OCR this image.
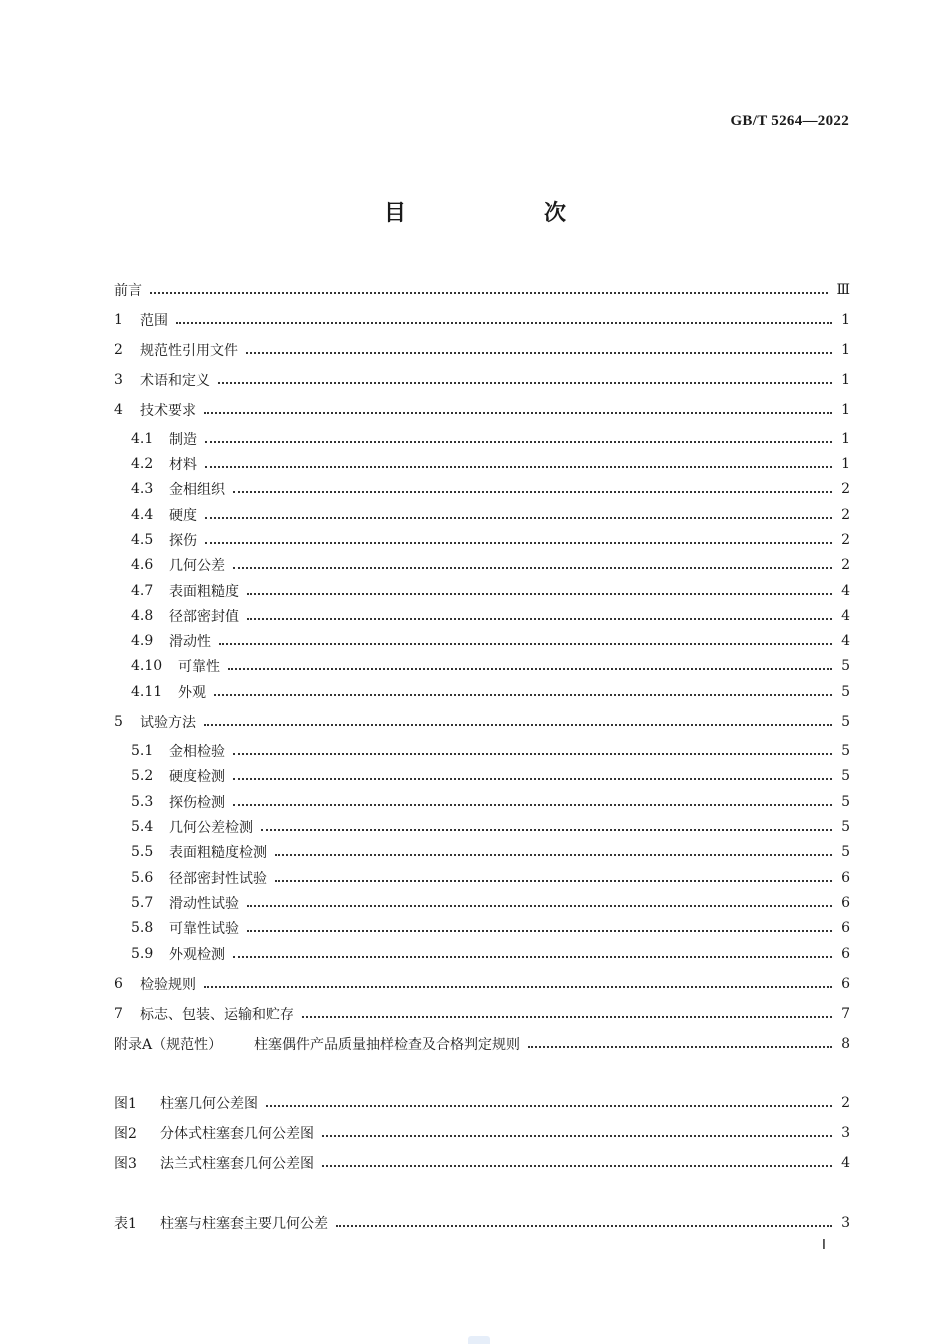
GB/T 5264—2022
目　次
前言	Ⅲ
1	范围	1
2	规范性引用文件	1
3	术语和定义	1
4	技术要求	1
4.1	制造	1
4.2	材料	1
4.3	金相组织	2
4.4	硬度	2
4.5	探伤	2
4.6	几何公差	2
4.7	表面粗糙度	4
4.8	径部密封值	4
4.9	滑动性	4
4.10	可靠性	5
4.11	外观	5
5	试验方法	5
5.1	金相检验	5
5.2	硬度检测	5
5.3	探伤检测	5
5.4	几何公差检测	5
5.5	表面粗糙度检测	5
5.6	径部密封性试验	6
5.7	滑动性试验	6
5.8	可靠性试验	6
5.9	外观检测	6
6	检验规则	6
7	标志、包装、运输和贮存	7
附录A（规范性）	柱塞偶件产品质量抽样检查及合格判定规则	8
图1	柱塞几何公差图	2
图2	分体式柱塞套几何公差图	3
图3	法兰式柱塞套几何公差图	4
表1	柱塞与柱塞套主要几何公差	3
Ⅰ
